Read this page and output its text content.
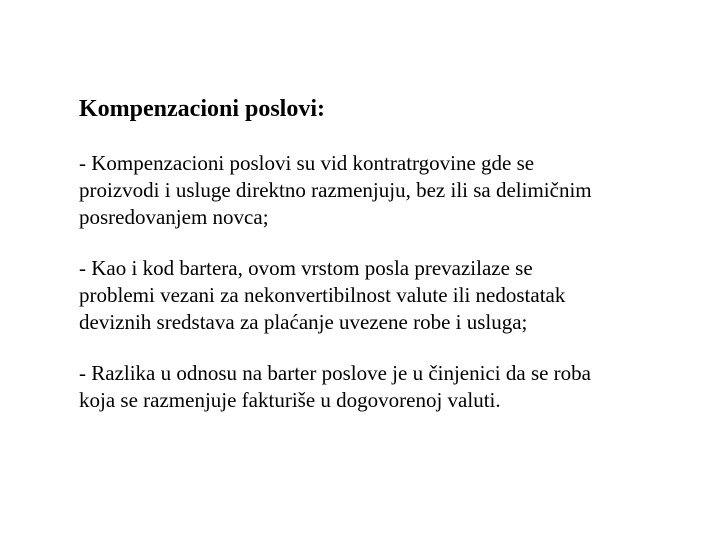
Kompenzacioni poslovi:

- Kompenzacioni poslovi su vid kontratrgovine gde se
proizvodi i usluge direktno razmenjuju, bez ili sa delimičnim
posredovanjem novca;

- Kao i kod bartera, ovom vrstom posla prevazilaze se
problemi vezani za nekonvertibilnost valute ili nedostatak
deviznih sredstava za plaćanje uvezene robe i usluga;

- Razlika u odnosu na barter poslove je u činjenici da se roba
koja se razmenjuje fakturiše u dogovorenoj valuti.
